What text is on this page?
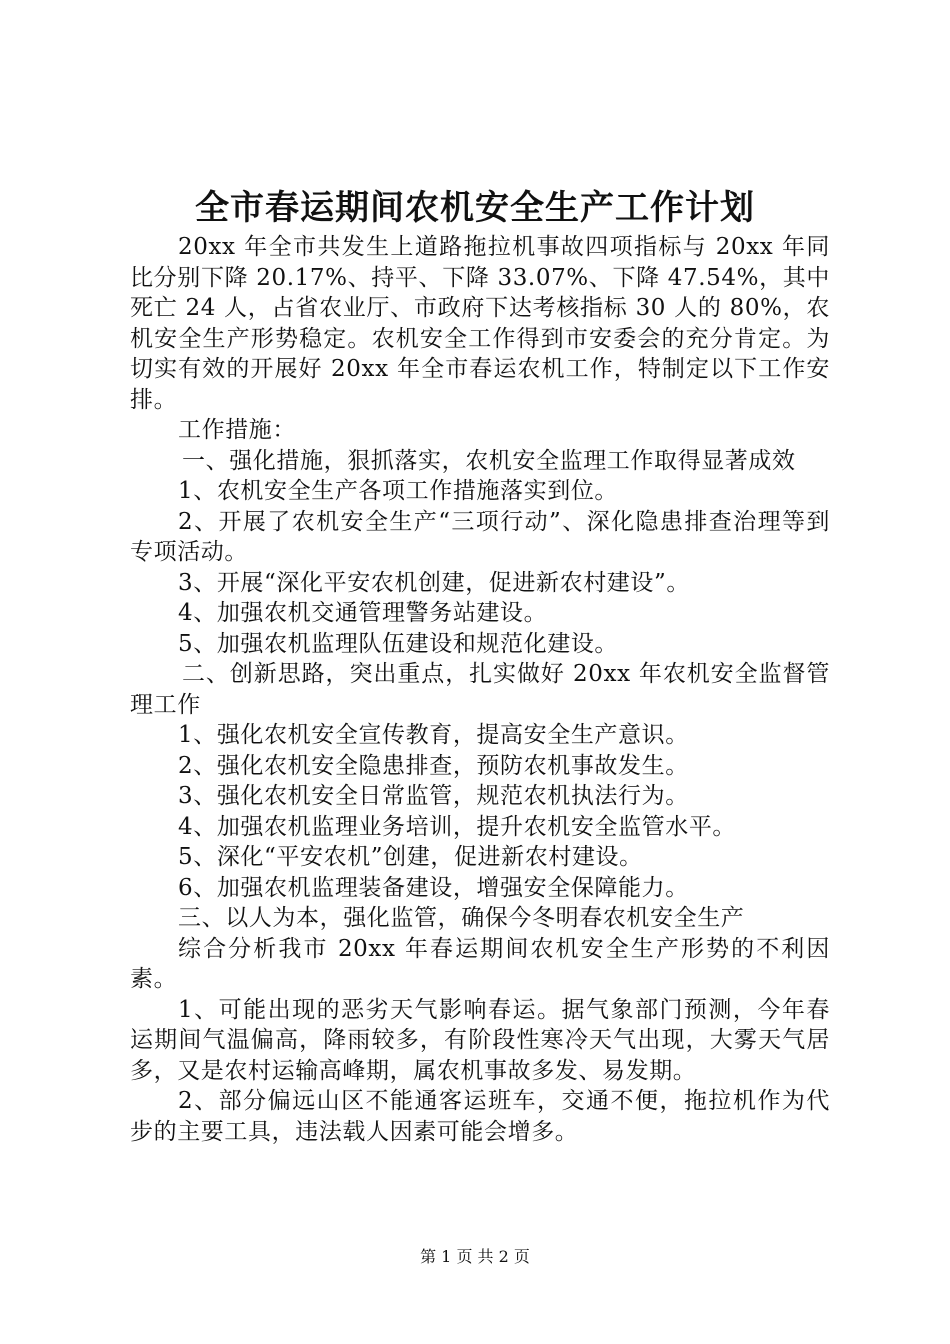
全市春运期间农机安全生产工作计划

20xx 年全市共发生上道路拖拉机事故四项指标与 20xx 年同比分别下降 20.17%、持平、下降 33.07%、下降 47.54%，其中死亡 24 人，占省农业厅、市政府下达考核指标 30 人的 80%，农机安全生产形势稳定。农机安全工作得到市安委会的充分肯定。为切实有效的开展好 20xx 年全市春运农机工作，特制定以下工作安排。

工作措施：

一、强化措施，狠抓落实，农机安全监理工作取得显著成效

1、农机安全生产各项工作措施落实到位。

2、开展了农机安全生产“三项行动”、深化隐患排查治理等到专项活动。

3、开展“深化平安农机创建，促进新农村建设”。

4、加强农机交通管理警务站建设。

5、加强农机监理队伍建设和规范化建设。

二、创新思路，突出重点，扎实做好 20xx 年农机安全监督管理工作

1、强化农机安全宣传教育，提高安全生产意识。

2、强化农机安全隐患排查，预防农机事故发生。

3、强化农机安全日常监管，规范农机执法行为。

4、加强农机监理业务培训，提升农机安全监管水平。

5、深化“平安农机”创建，促进新农村建设。

6、加强农机监理装备建设，增强安全保障能力。

三、以人为本，强化监管，确保今冬明春农机安全生产

综合分析我市 20xx 年春运期间农机安全生产形势的不利因素。

1、可能出现的恶劣天气影响春运。据气象部门预测，今年春运期间气温偏高，降雨较多，有阶段性寒冷天气出现，大雾天气居多，又是农村运输高峰期，属农机事故多发、易发期。

2、部分偏远山区不能通客运班车，交通不便，拖拉机作为代步的主要工具，违法载人因素可能会增多。

第 1 页 共 2 页
